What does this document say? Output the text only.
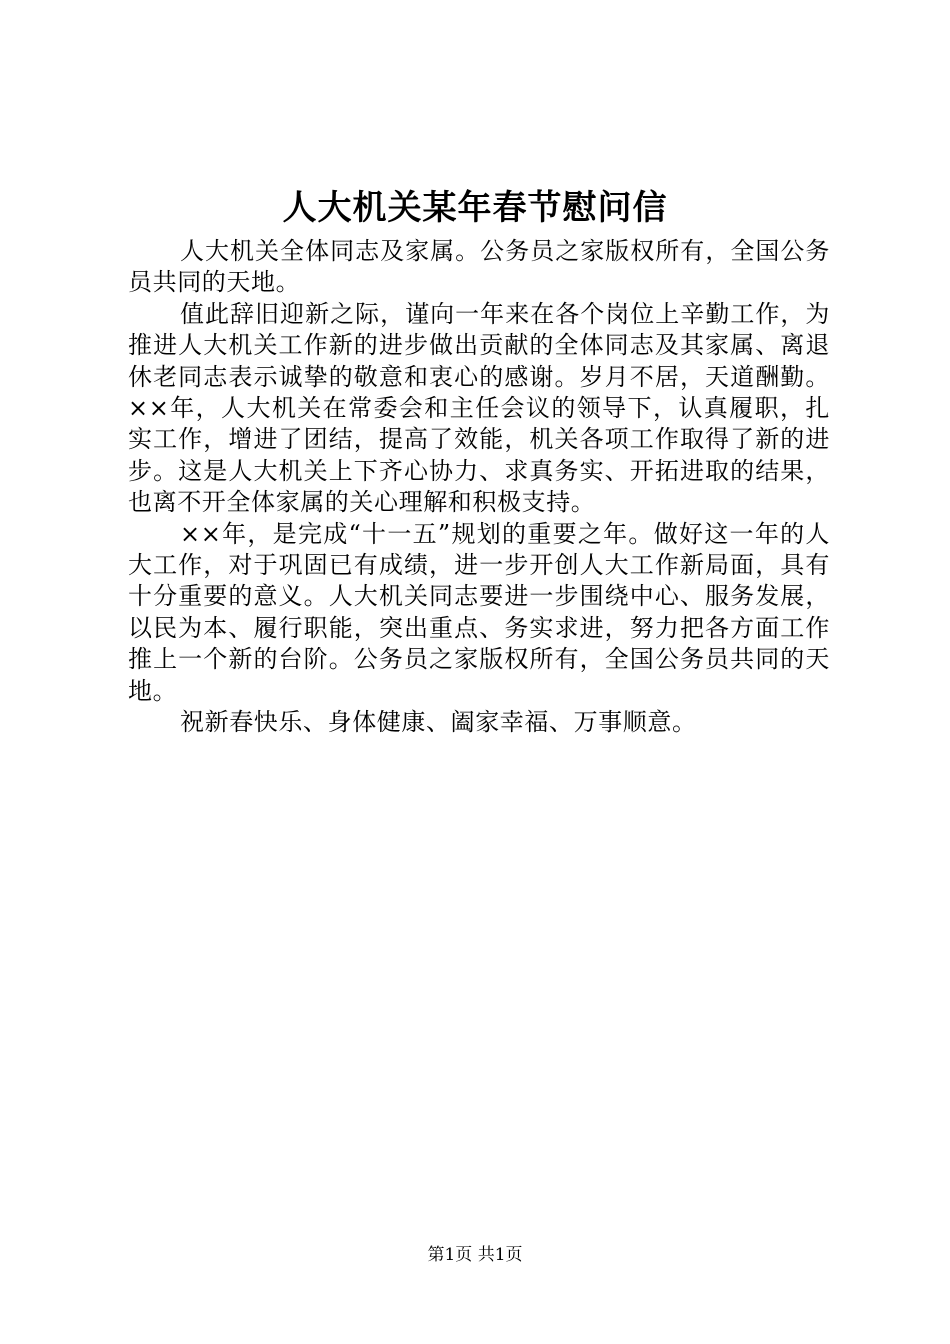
人大机关某年春节慰问信

人大机关全体同志及家属。公务员之家版权所有，全国公务员共同的天地。

值此辞旧迎新之际，谨向一年来在各个岗位上辛勤工作，为推进人大机关工作新的进步做出贡献的全体同志及其家属、离退休老同志表示诚挚的敬意和衷心的感谢。岁月不居，天道酬勤。××年，人大机关在常委会和主任会议的领导下，认真履职，扎实工作，增进了团结，提高了效能，机关各项工作取得了新的进步。这是人大机关上下齐心协力、求真务实、开拓进取的结果，也离不开全体家属的关心理解和积极支持。

××年，是完成“十一五”规划的重要之年。做好这一年的人大工作，对于巩固已有成绩，进一步开创人大工作新局面，具有十分重要的意义。人大机关同志要进一步围绕中心、服务发展，以民为本、履行职能，突出重点、务实求进，努力把各方面工作推上一个新的台阶。公务员之家版权所有，全国公务员共同的天地。

祝新春快乐、身体健康、阖家幸福、万事顺意。

第1页 共1页
